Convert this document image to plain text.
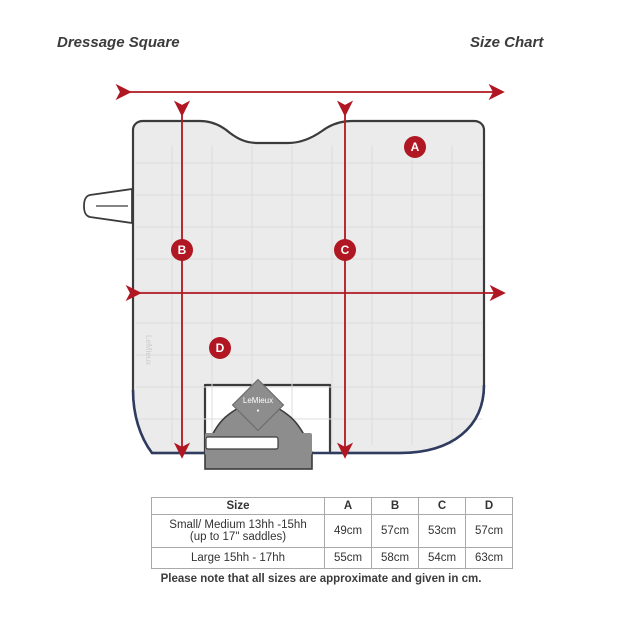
Dressage Square	Size Chart
LeMieux
♦
LeMieux
A
B	C
D
Size	A	B	C	D
Small/ Medium 13hh -15hh
(up to 17" saddles)	49cm	57cm	53cm	57cm
Large 15hh - 17hh	55cm	58cm	54cm	63cm
Please note that all sizes are approximate and given in cm.
